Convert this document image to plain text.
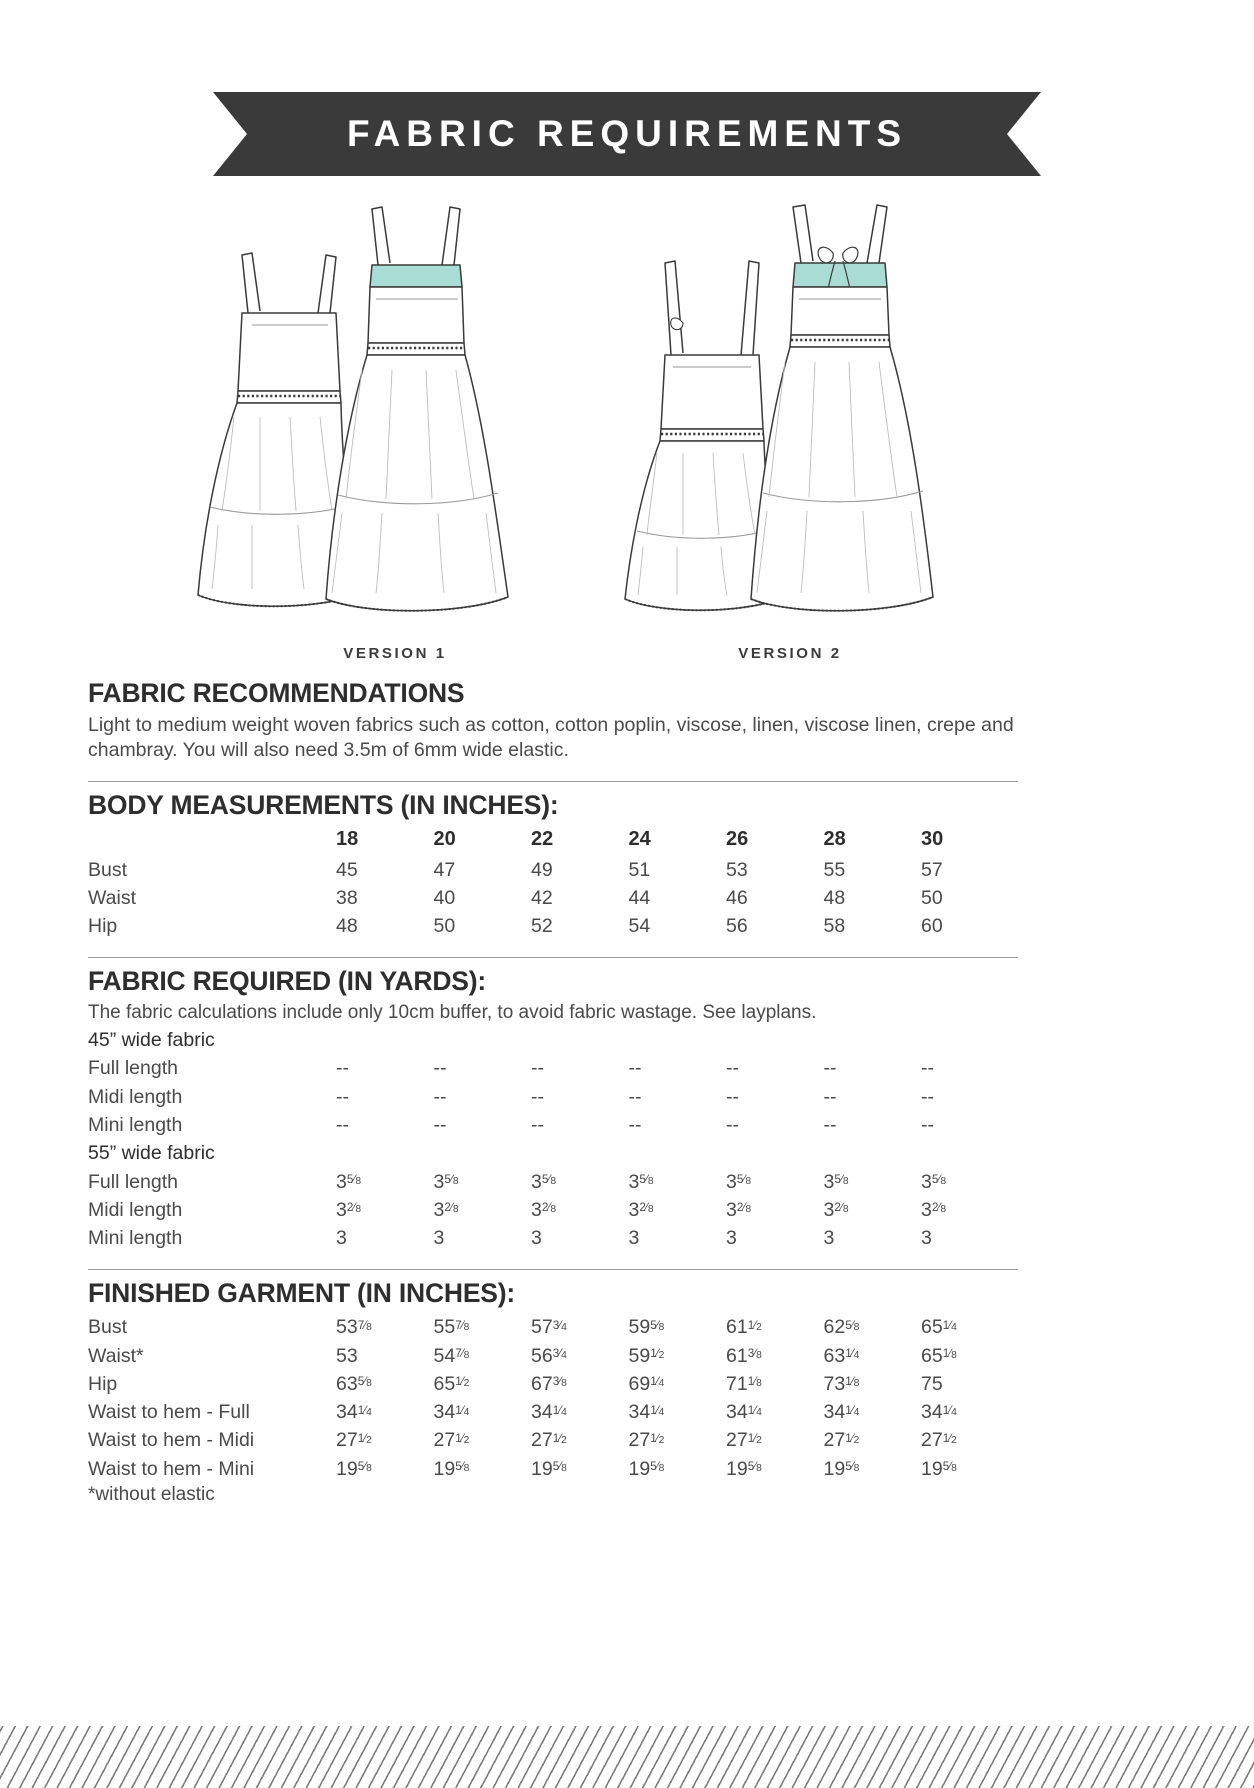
FABRIC REQUIREMENTS
VERSION 1	VERSION 2
FABRIC RECOMMENDATIONS

Light to medium weight woven fabrics such as cotton, cotton poplin, viscose, linen, viscose linen, crepe and chambray. You will also need 3.5m of 6mm wide elastic.

BODY MEASUREMENTS (IN INCHES):
	18	20	22	24	26	28	30
Bust	45	47	49	51	53	55	57
Waist	38	40	42	44	46	48	50
Hip	48	50	52	54	56	58	60
FABRIC REQUIRED (IN YARDS):

The fabric calculations include only 10cm buffer, to avoid fabric wastage. See layplans.

45” wide fabric							
Full length	--	--	--	--	--	--	--
Midi length	--	--	--	--	--	--	--
Mini length	--	--	--	--	--	--	--
55” wide fabric							
Full length	35⁄8	35⁄8	35⁄8	35⁄8	35⁄8	35⁄8	35⁄8
Midi length	32⁄8	32⁄8	32⁄8	32⁄8	32⁄8	32⁄8	32⁄8
Mini length	3	3	3	3	3	3	3
FINISHED GARMENT (IN INCHES):
Bust	537⁄8	557⁄8	573⁄4	595⁄8	611⁄2	625⁄8	651⁄4
Waist*	53	547⁄8	563⁄4	591⁄2	613⁄8	631⁄4	651⁄8
Hip	635⁄8	651⁄2	673⁄8	691⁄4	711⁄8	731⁄8	75
Waist to hem - Full	341⁄4	341⁄4	341⁄4	341⁄4	341⁄4	341⁄4	341⁄4
Waist to hem - Midi	271⁄2	271⁄2	271⁄2	271⁄2	271⁄2	271⁄2	271⁄2
Waist to hem - Mini	195⁄8	195⁄8	195⁄8	195⁄8	195⁄8	195⁄8	195⁄8

*without elastic
